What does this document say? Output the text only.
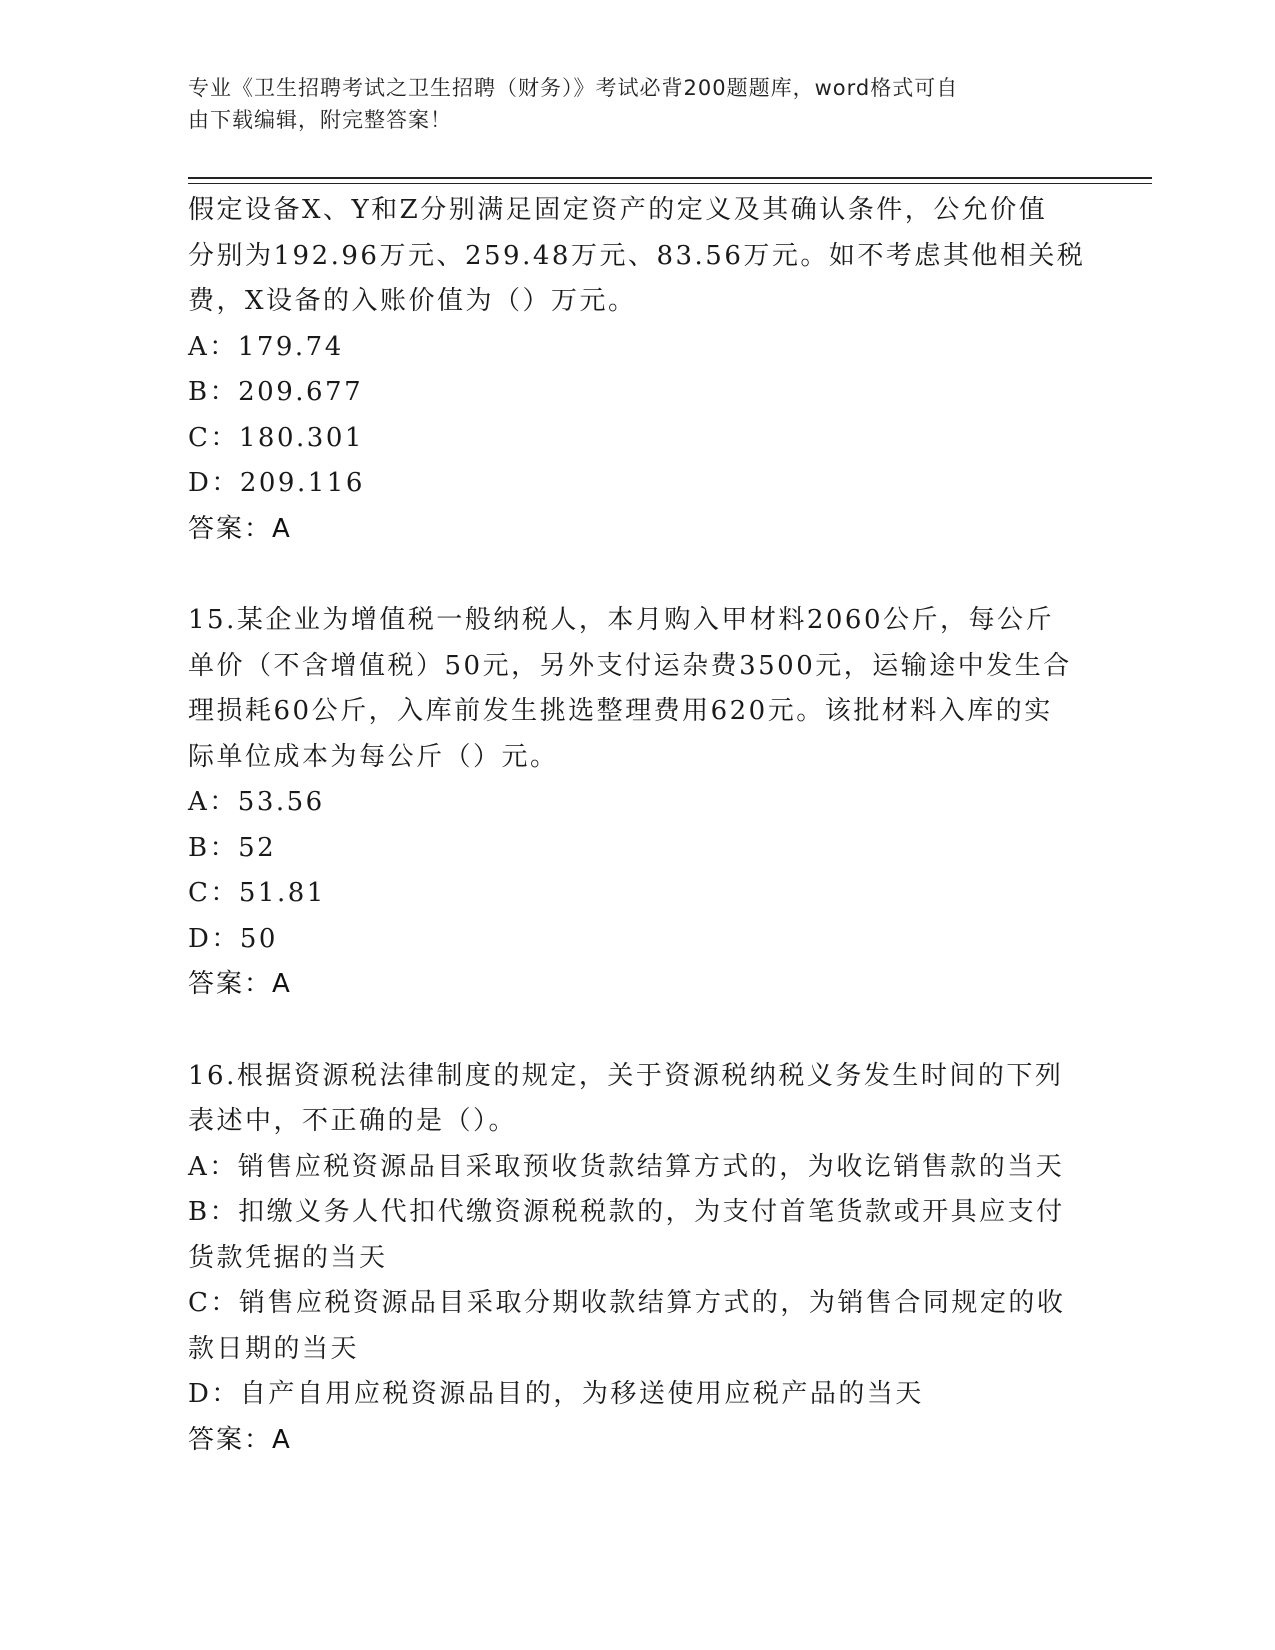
专业《卫生招聘考试之卫生招聘（财务）》考试必背200题题库，word格式可自
由下载编辑，附完整答案！
假定设备X、Y和Z分别满足固定资产的定义及其确认条件，公允价值
分别为192.96万元、259.48万元、83.56万元。如不考虑其他相关税
费，X设备的入账价值为（）万元。
A：179.74
B：209.677
C：180.301
D：209.116
答案：A
15.某企业为增值税一般纳税人，本月购入甲材料2060公斤，每公斤
单价（不含增值税）50元，另外支付运杂费3500元，运输途中发生合
理损耗60公斤，入库前发生挑选整理费用620元。该批材料入库的实
际单位成本为每公斤（）元。
A：53.56
B：52
C：51.81
D：50
答案：A
16.根据资源税法律制度的规定，关于资源税纳税义务发生时间的下列
表述中，不正确的是（）。
A：销售应税资源品目采取预收货款结算方式的，为收讫销售款的当天
B：扣缴义务人代扣代缴资源税税款的，为支付首笔货款或开具应支付
货款凭据的当天
C：销售应税资源品目采取分期收款结算方式的，为销售合同规定的收
款日期的当天
D：自产自用应税资源品目的，为移送使用应税产品的当天
答案：A
